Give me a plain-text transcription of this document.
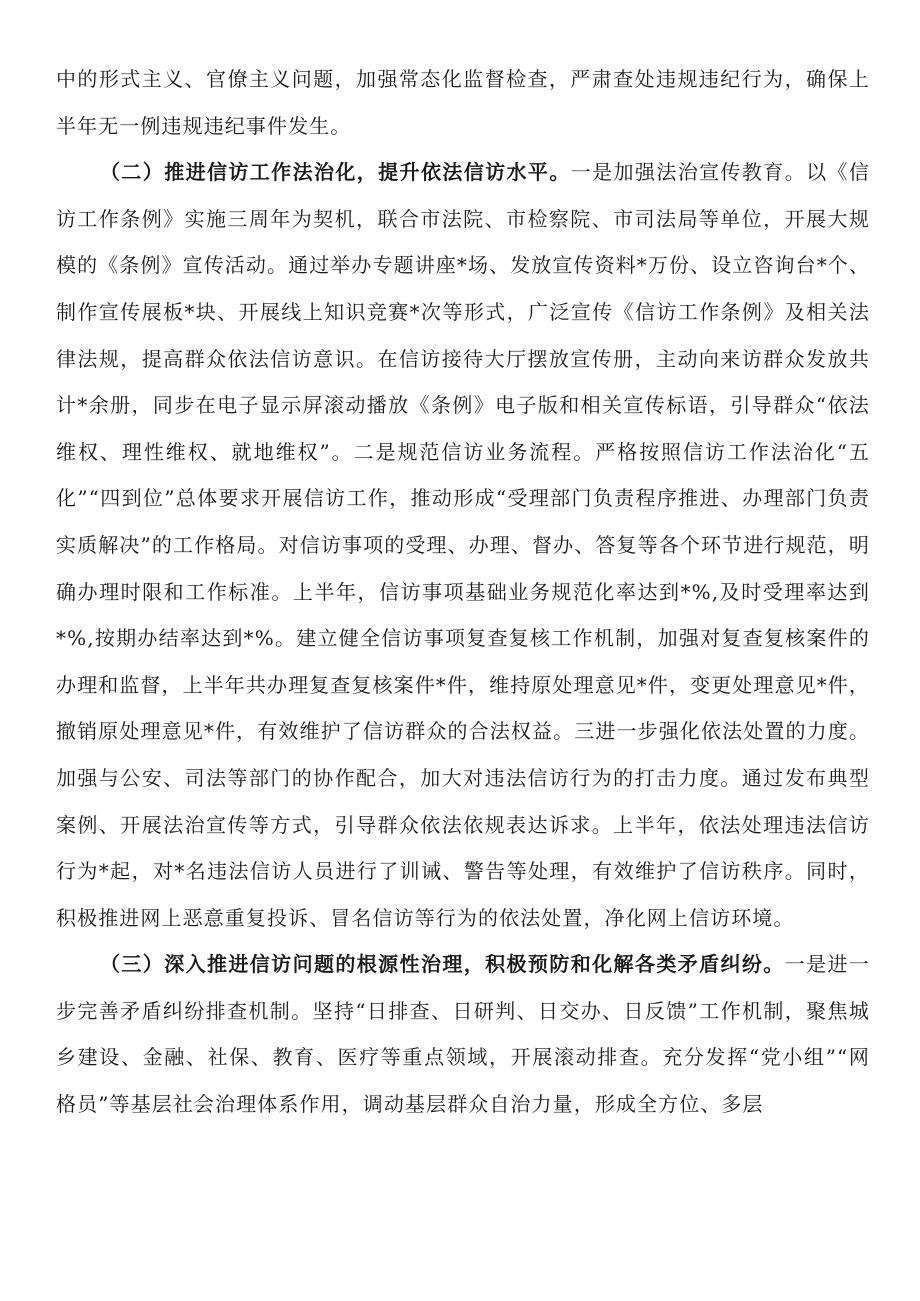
中的形式主义、官僚主义问题，加强常态化监督检查，严肃查处违规违纪行为，确保上半年无一例违规违纪事件发生。

（二）推进信访工作法治化，提升依法信访水平。一是加强法治宣传教育。以《信访工作条例》实施三周年为契机，联合市法院、市检察院、市司法局等单位，开展大规模的《条例》宣传活动。通过举办专题讲座*场、发放宣传资料*万份、设立咨询台*个、制作宣传展板*块、开展线上知识竞赛*次等形式，广泛宣传《信访工作条例》及相关法律法规，提高群众依法信访意识。在信访接待大厅摆放宣传册，主动向来访群众发放共计*余册，同步在电子显示屏滚动播放《条例》电子版和相关宣传标语，引导群众“依法维权、理性维权、就地维权”。二是规范信访业务流程。严格按照信访工作法治化“五化”“四到位”总体要求开展信访工作，推动形成“受理部门负责程序推进、办理部门负责实质解决”的工作格局。对信访事项的受理、办理、督办、答复等各个环节进行规范，明确办理时限和工作标准。上半年，信访事项基础业务规范化率达到*%,及时受理率达到*%,按期办结率达到*%。建立健全信访事项复查复核工作机制，加强对复查复核案件的办理和监督，上半年共办理复查复核案件*件，维持原处理意见*件，变更处理意见*件，撤销原处理意见*件，有效维护了信访群众的合法权益。三进一步强化依法处置的力度。加强与公安、司法等部门的协作配合，加大对违法信访行为的打击力度。通过发布典型案例、开展法治宣传等方式，引导群众依法依规表达诉求。上半年，依法处理违法信访行为*起，对*名违法信访人员进行了训诫、警告等处理，有效维护了信访秩序。同时，积极推进网上恶意重复投诉、冒名信访等行为的依法处置，净化网上信访环境。

（三）深入推进信访问题的根源性治理，积极预防和化解各类矛盾纠纷。一是进一步完善矛盾纠纷排查机制。坚持“日排查、日研判、日交办、日反馈”工作机制，聚焦城乡建设、金融、社保、教育、医疗等重点领域，开展滚动排查。充分发挥“党小组”“网格员”等基层社会治理体系作用，调动基层群众自治力量，形成全方位、多层
